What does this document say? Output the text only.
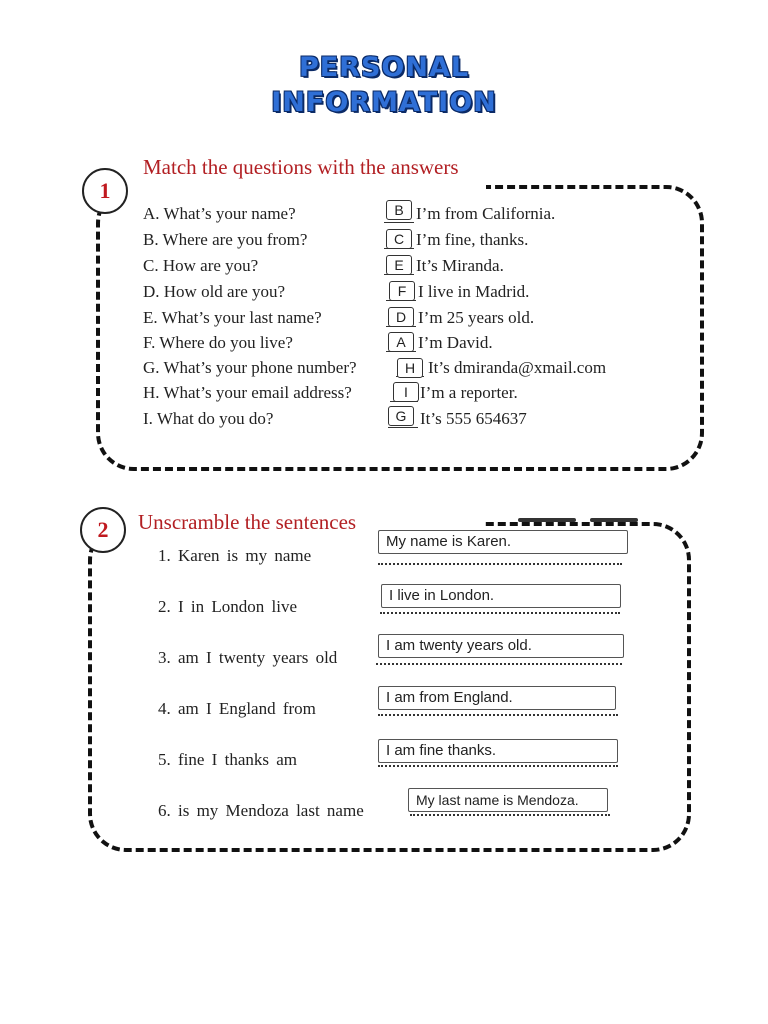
PERSONAL
INFORMATION
1
Match the questions with the answers
A. What’s your name?
B. Where are you from?
C. How are you?
D. How old are you?
E. What’s your last name?
F. Where do you live?
G. What’s your phone number?
H. What’s your email address?
I. What do you do?
B
C
E
F
D
A
H
I
G
I’m from California.
I’m fine, thanks.
It’s Miranda.
I live in Madrid.
I’m 25 years old.
I’m David.
It’s dmiranda@xmail.com
I’m a reporter.
It’s 555 654637
2	Unscramble the sentences
1. Karen is my name
2. I in London live
3. am I twenty years old
4. am I England from
5. fine I thanks am
6. is my Mendoza last name
My name is Karen.
I live in London.
I am twenty years old.
I am from England.
I am fine thanks.
My last name is Mendoza.
